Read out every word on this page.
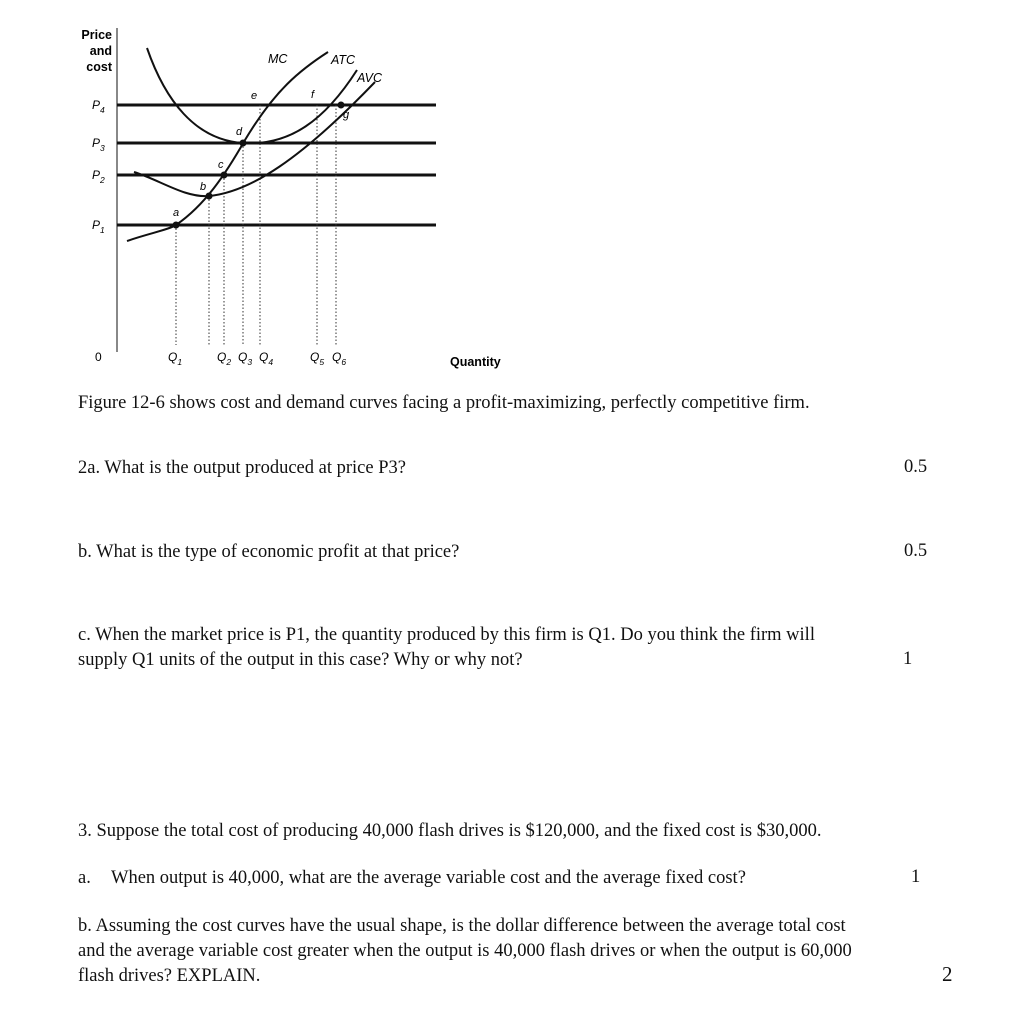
Price
and
cost
$P_4$
$P_3$
$P_2$
$P_1$
MC	ATC
AVC
a
b
c
d
e	f
g
0	$Q_1$	$Q_2$ $Q_3$ $Q_4$	$Q_5$ $Q_6$	Quantity
Figure 12-6 shows cost and demand curves facing a profit-maximizing, perfectly competitive firm.
2a. What is the output produced at price P3?	0.5
b. What is the type of economic profit at that price?	0.5
c. When the market price is P1, the quantity produced by this firm is Q1. Do you think the firm will
supply Q1 units of the output in this case? Why or why not?	1
3. Suppose the total cost of producing 40,000 flash drives is $120,000, and the fixed cost is $30,000.
a. When output is 40,000, what are the average variable cost and the average fixed cost?	1
b. Assuming the cost curves have the usual shape, is the dollar difference between the average total cost
and the average variable cost greater when the output is 40,000 flash drives or when the output is 60,000
flash drives? EXPLAIN.	2
